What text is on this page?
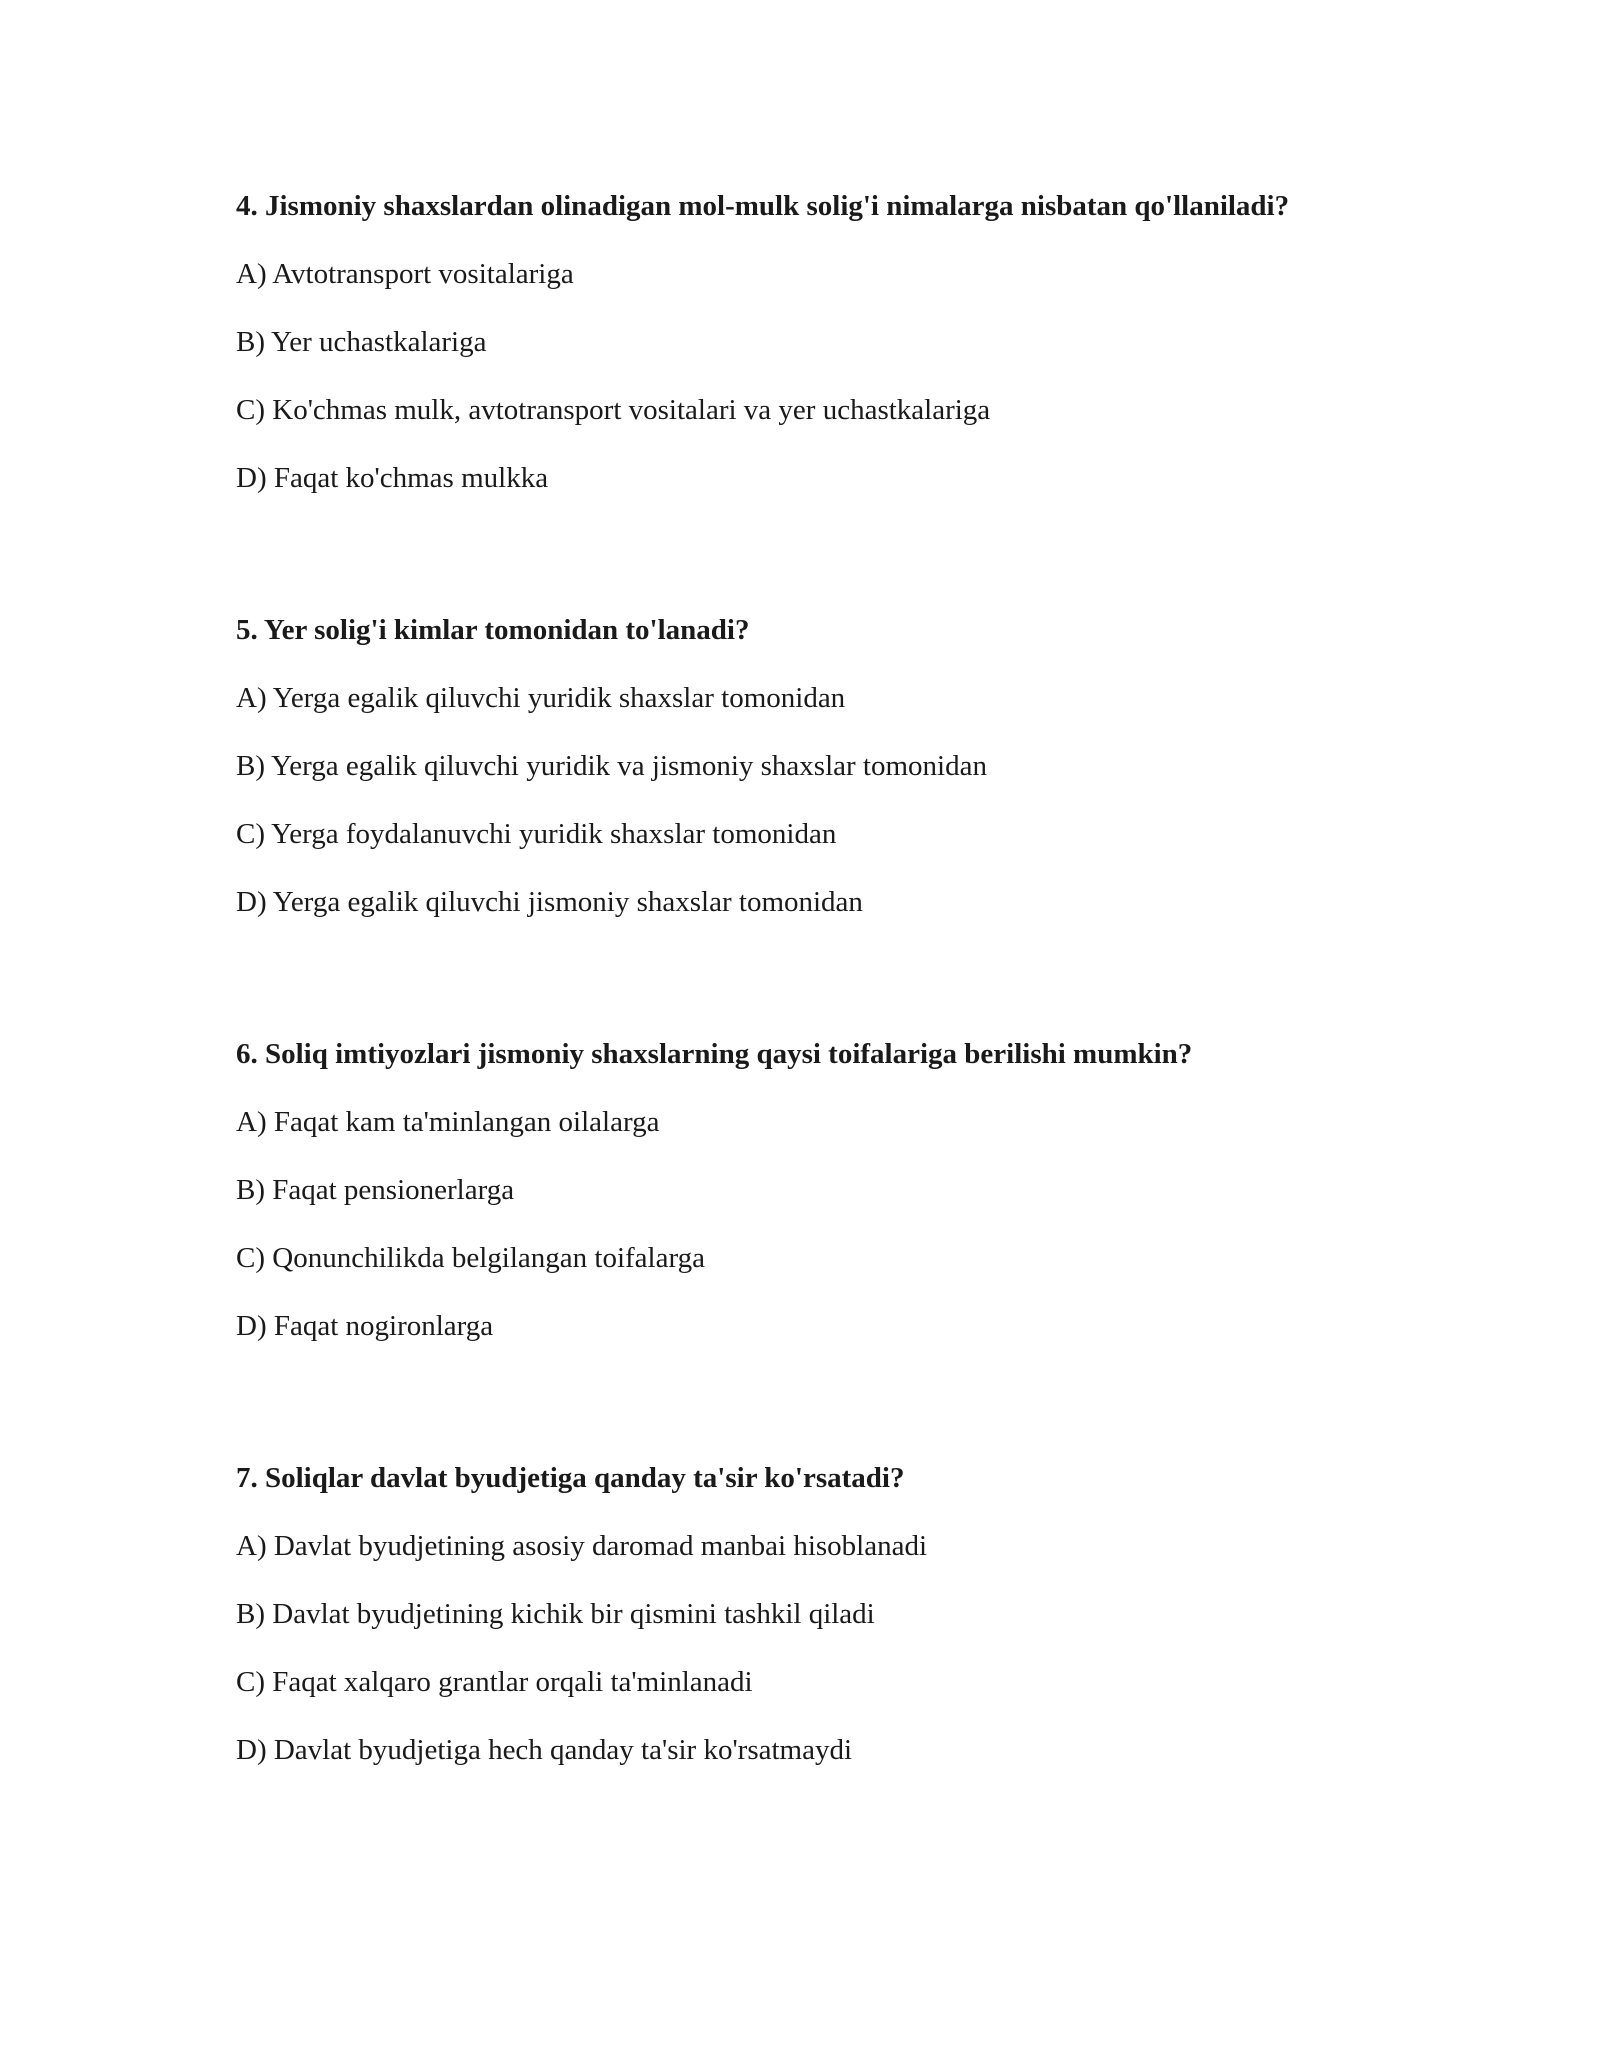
4. Jismoniy shaxslardan olinadigan mol-mulk solig'i nimalarga nisbatan qo'llaniladi?
A) Avtotransport vositalariga
B) Yer uchastkalariga
C) Ko'chmas mulk, avtotransport vositalari va yer uchastkalariga
D) Faqat ko'chmas mulkka
5. Yer solig'i kimlar tomonidan to'lanadi?
A) Yerga egalik qiluvchi yuridik shaxslar tomonidan
B) Yerga egalik qiluvchi yuridik va jismoniy shaxslar tomonidan
C) Yerga foydalanuvchi yuridik shaxslar tomonidan
D) Yerga egalik qiluvchi jismoniy shaxslar tomonidan
6. Soliq imtiyozlari jismoniy shaxslarning qaysi toifalariga berilishi mumkin?
A) Faqat kam ta'minlangan oilalarga
B) Faqat pensionerlarga
C) Qonunchilikda belgilangan toifalarga
D) Faqat nogironlarga
7. Soliqlar davlat byudjetiga qanday ta'sir ko'rsatadi?
A) Davlat byudjetining asosiy daromad manbai hisoblanadi
B) Davlat byudjetining kichik bir qismini tashkil qiladi
C) Faqat xalqaro grantlar orqali ta'minlanadi
D) Davlat byudjetiga hech qanday ta'sir ko'rsatmaydi
